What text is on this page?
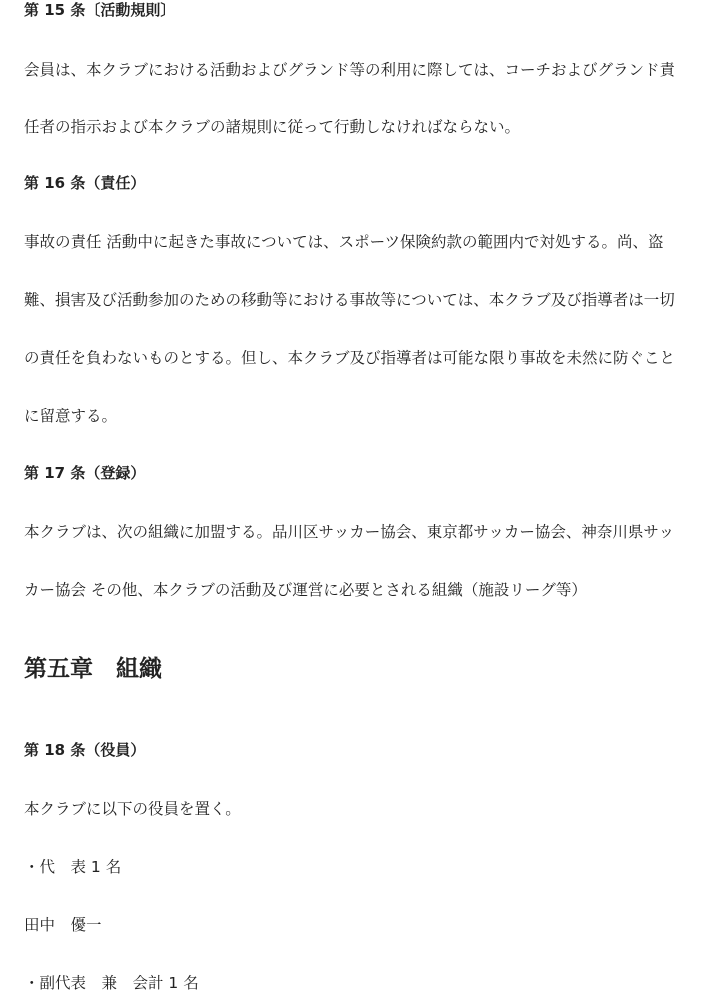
第 15 条〔活動規則〕
会員は、本クラブにおける活動およびグランド等の利用に際しては、コーチおよびグランド責
任者の指示および本クラブの諸規則に従って行動しなければならない。
第 16 条（責任）
事故の責任 活動中に起きた事故については、スポーツ保険約款の範囲内で対処する。尚、盗
難、損害及び活動参加のための移動等における事故等については、本クラブ及び指導者は一切
の責任を負わないものとする。但し、本クラブ及び指導者は可能な限り事故を未然に防ぐこと
に留意する。
第 17 条（登録）
本クラブは、次の組織に加盟する。品川区サッカー協会、東京都サッカー協会、神奈川県サッ
カー協会 その他、本クラブの活動及び運営に必要とされる組織（施設リーグ等）
第五章　組織
第 18 条（役員）
本クラブに以下の役員を置く。
・代　表 1 名
田中　優一
・副代表　兼　会計 1 名
